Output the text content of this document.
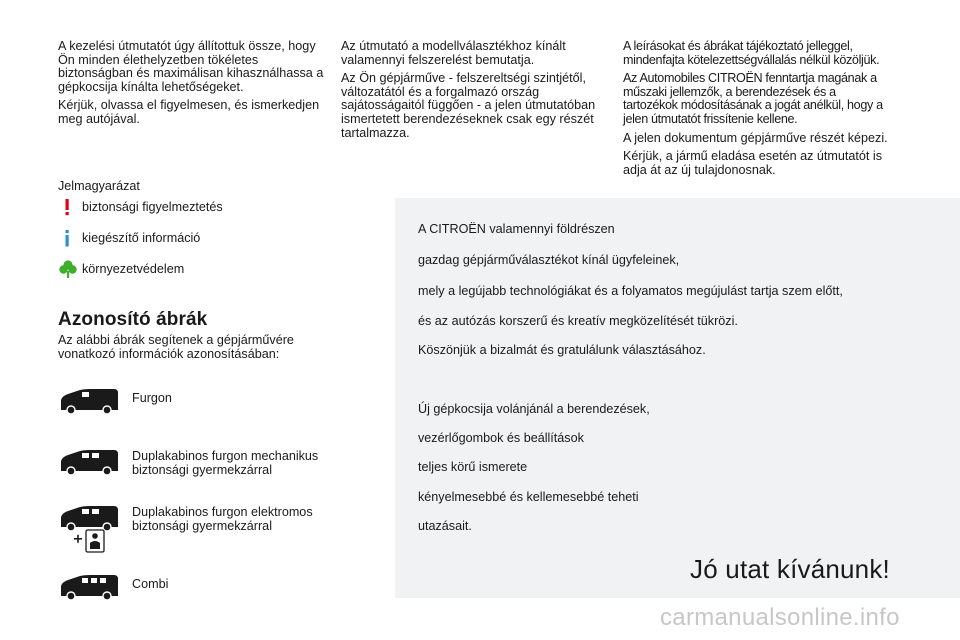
A kezelési útmutatót úgy állítottuk össze, hogy Ön minden élethelyzetben tökéletes biztonságban és maximálisan kihasználhassa a gépkocsija kínálta lehetőségeket.

Kérjük, olvassa el figyelmesen, és ismerkedjen meg autójával.

Az útmutató a modellválasztékhoz kínált valamennyi felszerelést bemutatja.

Az Ön gépjárműve - felszereltségi szintjétől, változatától és a forgalmazó ország sajátosságaitól függően - a jelen útmutatóban ismertetett berendezéseknek csak egy részét tartalmazza.

A leírásokat és ábrákat tájékoztató jelleggel, mindenfajta kötelezettségvállalás nélkül közöljük.

Az Automobiles CITROËN fenntartja magának a műszaki jellemzők, a berendezések és a tartozékok módosításának a jogát anélkül, hogy a jelen útmutatót frissítenie kellene.

A jelen dokumentum gépjárműve részét képezi.

Kérjük, a jármű eladása esetén az útmutatót is adja át az új tulajdonosnak.

Jelmagyarázat
biztonsági figyelmeztetés
kiegészítő információ
környezetvédelem
Azonosító ábrák

Az alábbi ábrák segítenek a gépjárművére vonatkozó információk azonosításában:

Furgon
Duplakabinos furgon mechanikus biztonsági gyermekzárral
Duplakabinos furgon elektromos biztonsági gyermekzárral
Combi
A CITROËN valamennyi földrészen
gazdag gépjárműválasztékot kínál ügyfeleinek,
mely a legújabb technológiákat és a folyamatos megújulást tartja szem előtt,
és az autózás korszerű és kreatív megközelítését tükrözi.
Köszönjük a bizalmát és gratulálunk választásához.
Új gépkocsija volánjánál a berendezések,
vezérlőgombok és beállítások
teljes körű ismerete
kényelmesebbé és kellemesebbé teheti
utazásait.
Jó utat kívánunk!
carmanualsonline.info
